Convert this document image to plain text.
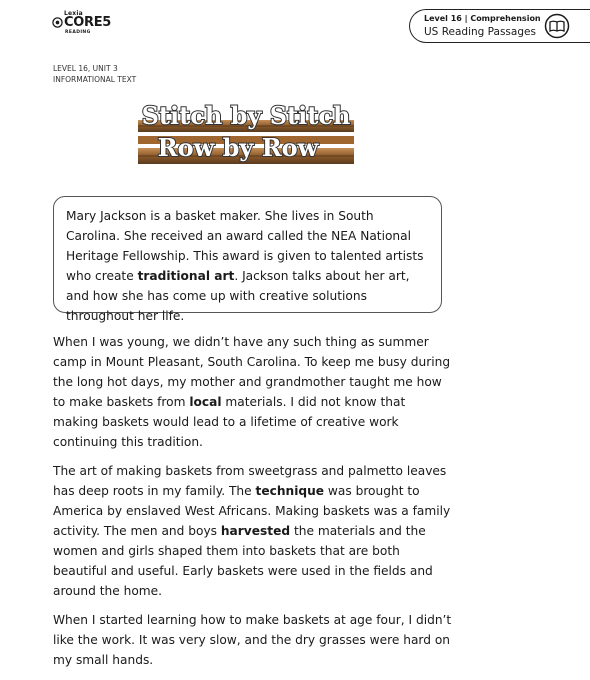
Lexia
CORE5
READING
Level 16 | Comprehension
US Reading Passages
LEVEL 16, UNIT 3
INFORMATIONAL TEXT
Stitch by Stitch
Row by Row
Mary Jackson is a basket maker. She lives in South Carolina. She received an award called the NEA National Heritage Fellowship. This award is given to talented artists who create traditional art. Jackson talks about her art, and how she has come up with creative solutions throughout her life.
When I was young, we didn’t have any such thing as summer camp in Mount Pleasant, South Carolina. To keep me busy during the long hot days, my mother and grandmother taught me how to make baskets from local materials. I did not know that making baskets would lead to a lifetime of creative work continuing this tradition.
The art of making baskets from sweetgrass and palmetto leaves has deep roots in my family. The technique was brought to America by enslaved West Africans. Making baskets was a family activity. The men and boys harvested the materials and the women and girls shaped them into baskets that are both beautiful and useful. Early baskets were used in the fields and around the home.
When I started learning how to make baskets at age four, I didn’t like the work. It was very slow, and the dry grasses were hard on my small hands.
